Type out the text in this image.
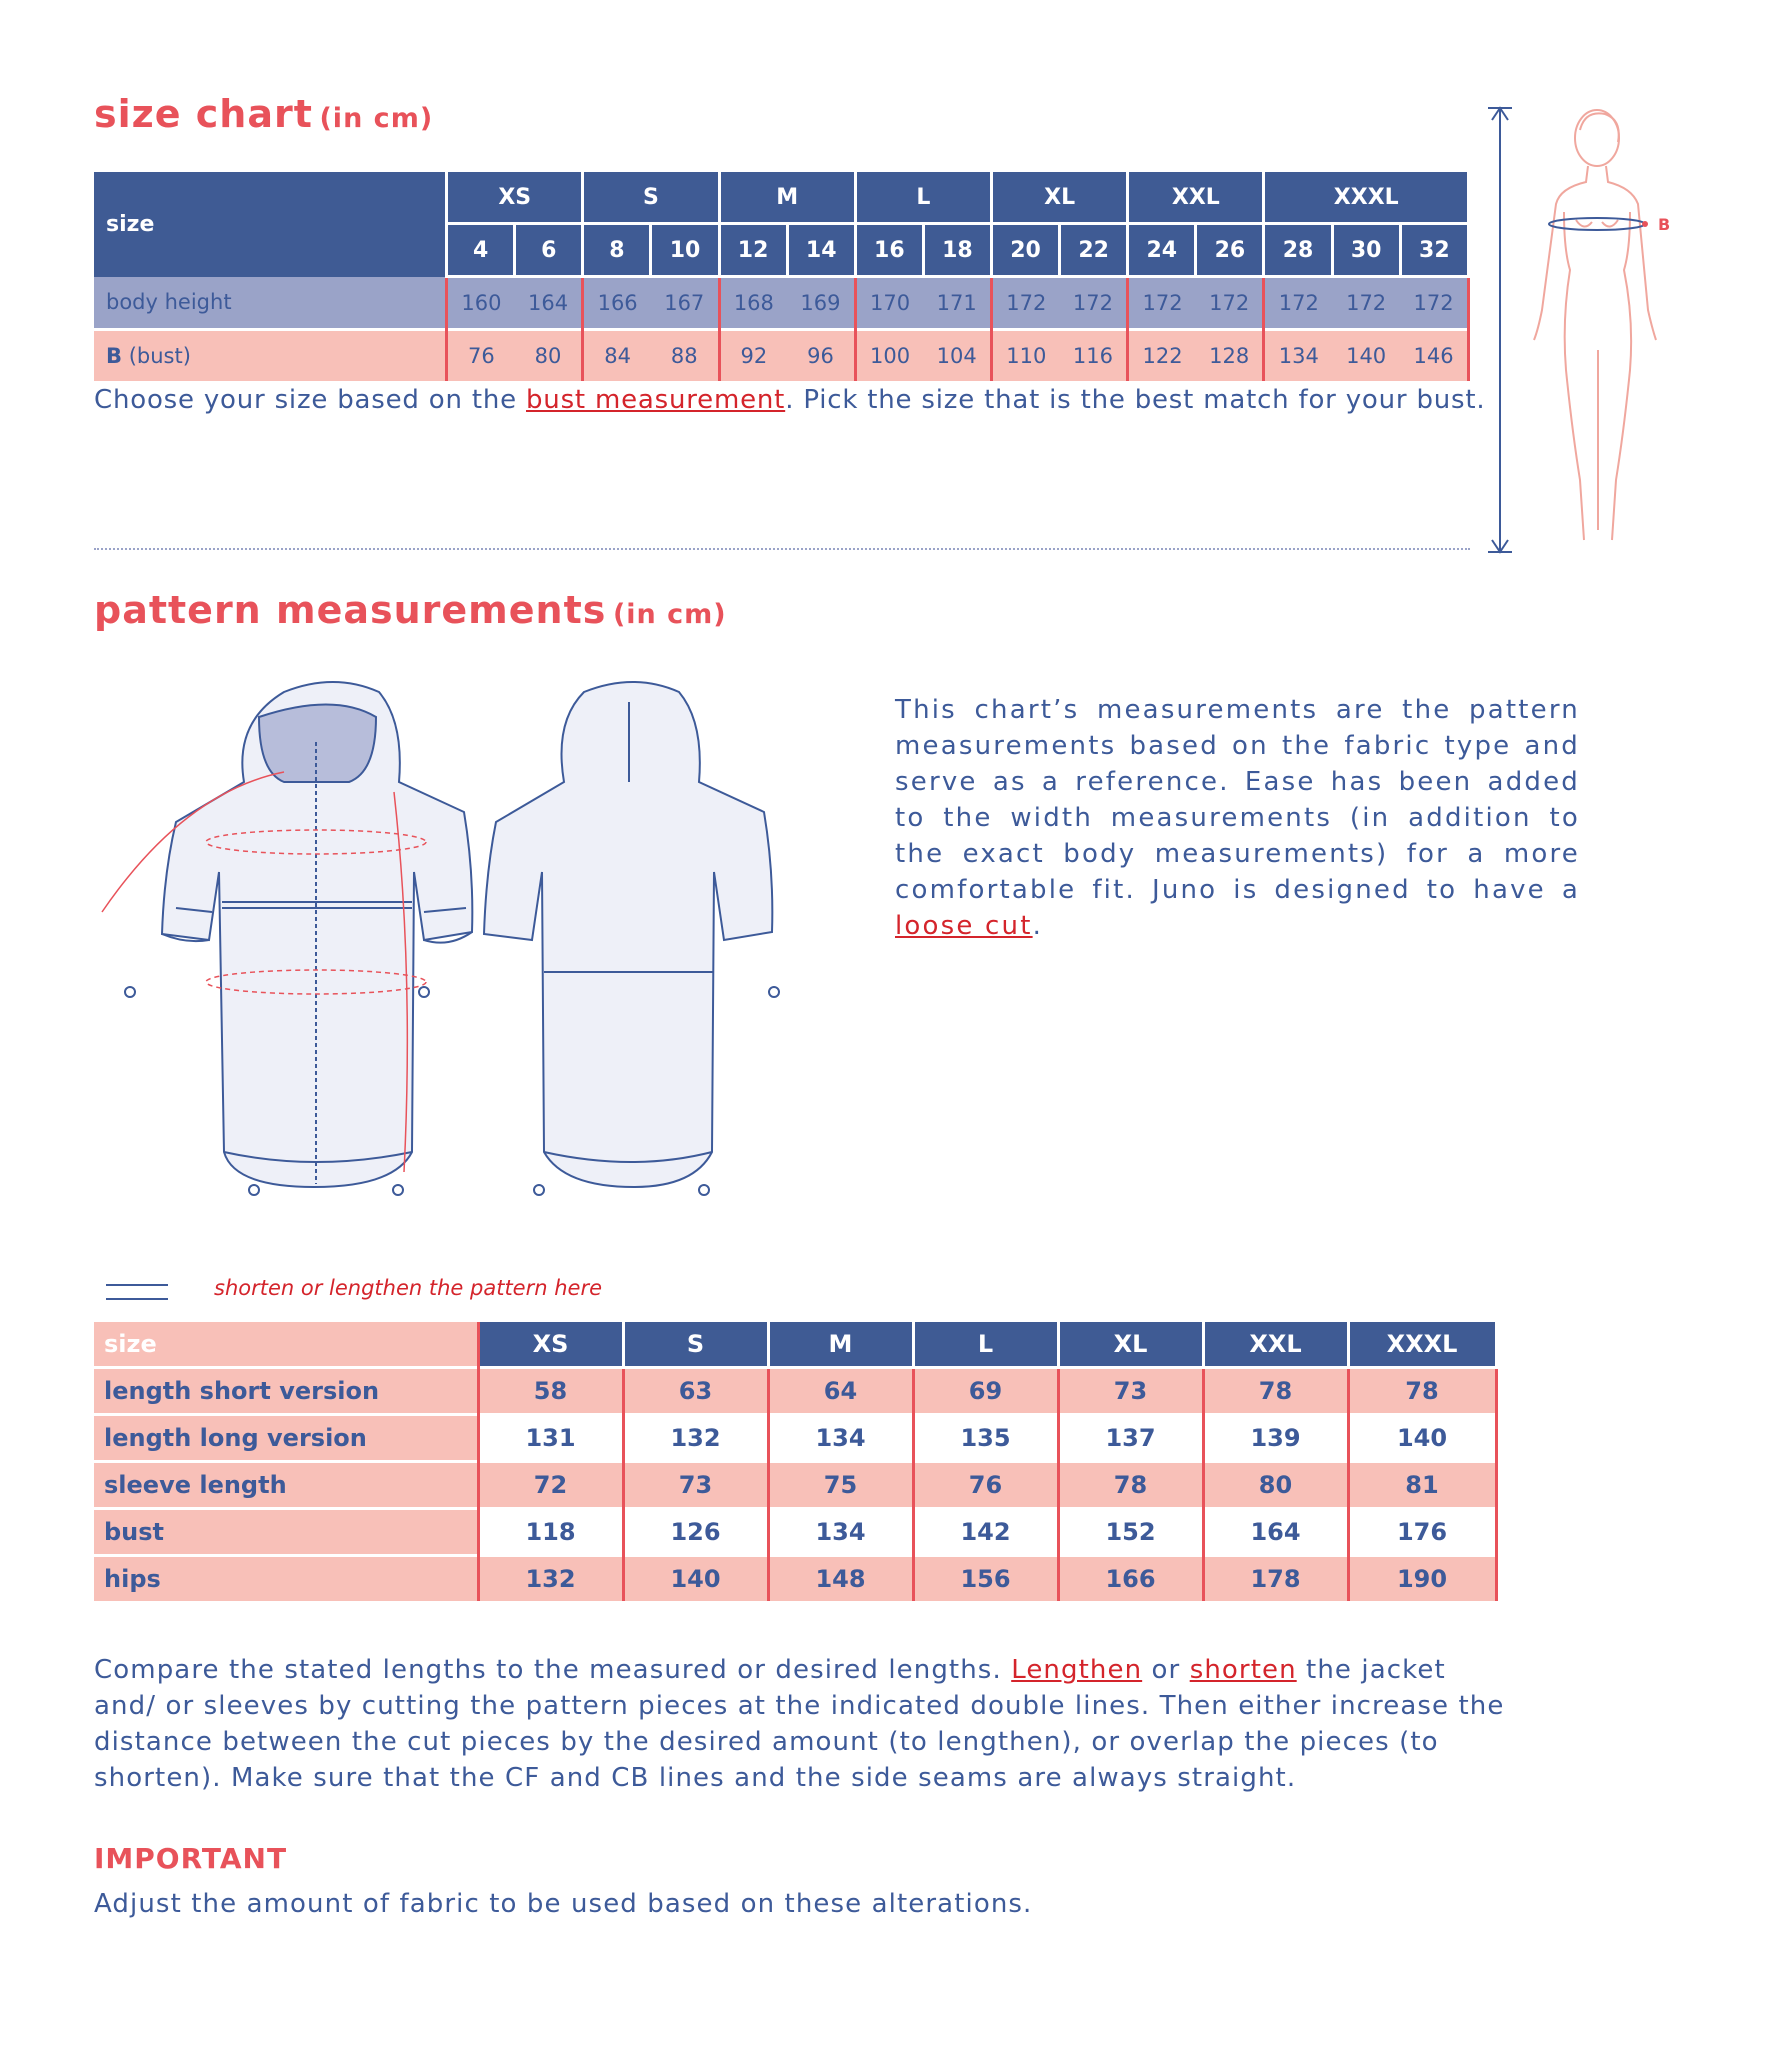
size chart (in cm)
size	XS		S		M		L		XL		XXL		XXXL		
	4	6	8	10	12	14	16	18	20	22	24	26	28	30	32
body height	160	164	166	167	168	169	170	171	172	172	172	172	172	172	172
B (bust)	76	80	84	88	92	96	100	104	110	116	122	128	134	140	146
Choose your size based on the bust measurement. Pick the size that is the best match for your bust.
B
pattern measurements (in cm)
This chart’s measurements are the pattern measurements based on the fabric type and serve as a reference. Ease has been added to the width measurements (in addition to the exact body measurements) for a more comfortable fit. Juno is designed to have a loose cut.
shorten or lengthen the pattern here
size	XS	S	M	L	XL	XXL	XXXL
length short version	58	63	64	69	73	78	78
length long version	131	132	134	135	137	139	140
sleeve length	72	73	75	76	78	80	81
bust	118	126	134	142	152	164	176
hips	132	140	148	156	166	178	190
Compare the stated lengths to the measured or desired lengths. Lengthen or shorten the jacket and/ or sleeves by cutting the pattern pieces at the indicated double lines. Then either increase the distance between the cut pieces by the desired amount (to lengthen), or overlap the pieces (to shorten). Make sure that the CF and CB lines and the side seams are always straight.
IMPORTANT
Adjust the amount of fabric to be used based on these alterations.
